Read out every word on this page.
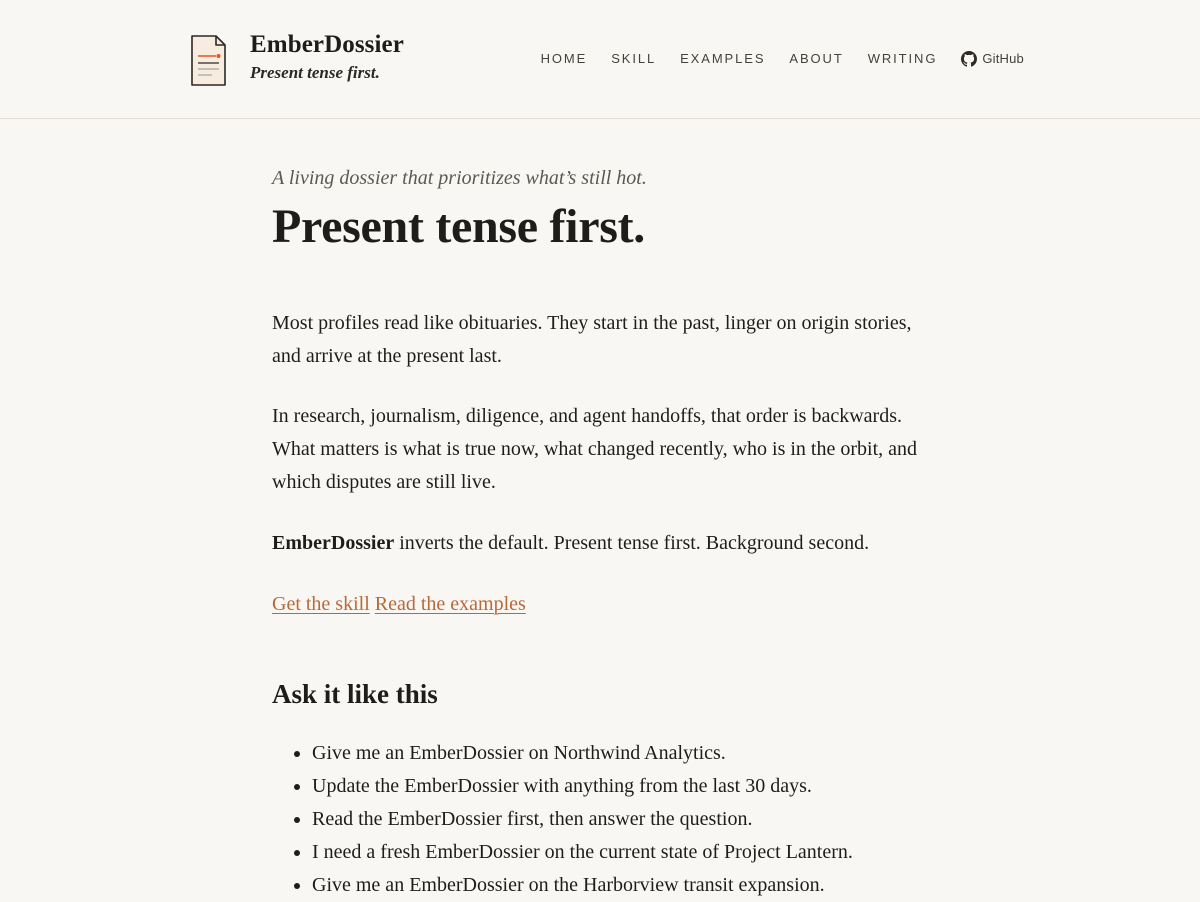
EmberDossier
Present tense first.
HOME SKILL EXAMPLES ABOUT WRITING	GitHub

A living dossier that prioritizes what’s still hot.

Present tense first.

Most profiles read like obituaries. They start in the past, linger on origin stories, and arrive at the present last.

In research, journalism, diligence, and agent handoffs, that order is backwards. What matters is what is true now, what changed recently, who is in the orbit, and which disputes are still live.

EmberDossier inverts the default. Present tense first. Background second.

Get the skill Read the examples
Ask it like this
• Give me an EmberDossier on Northwind Analytics.
• Update the EmberDossier with anything from the last 30 days.
• Read the EmberDossier first, then answer the question.
• I need a fresh EmberDossier on the current state of Project Lantern.
• Give me an EmberDossier on the Harborview transit expansion.
